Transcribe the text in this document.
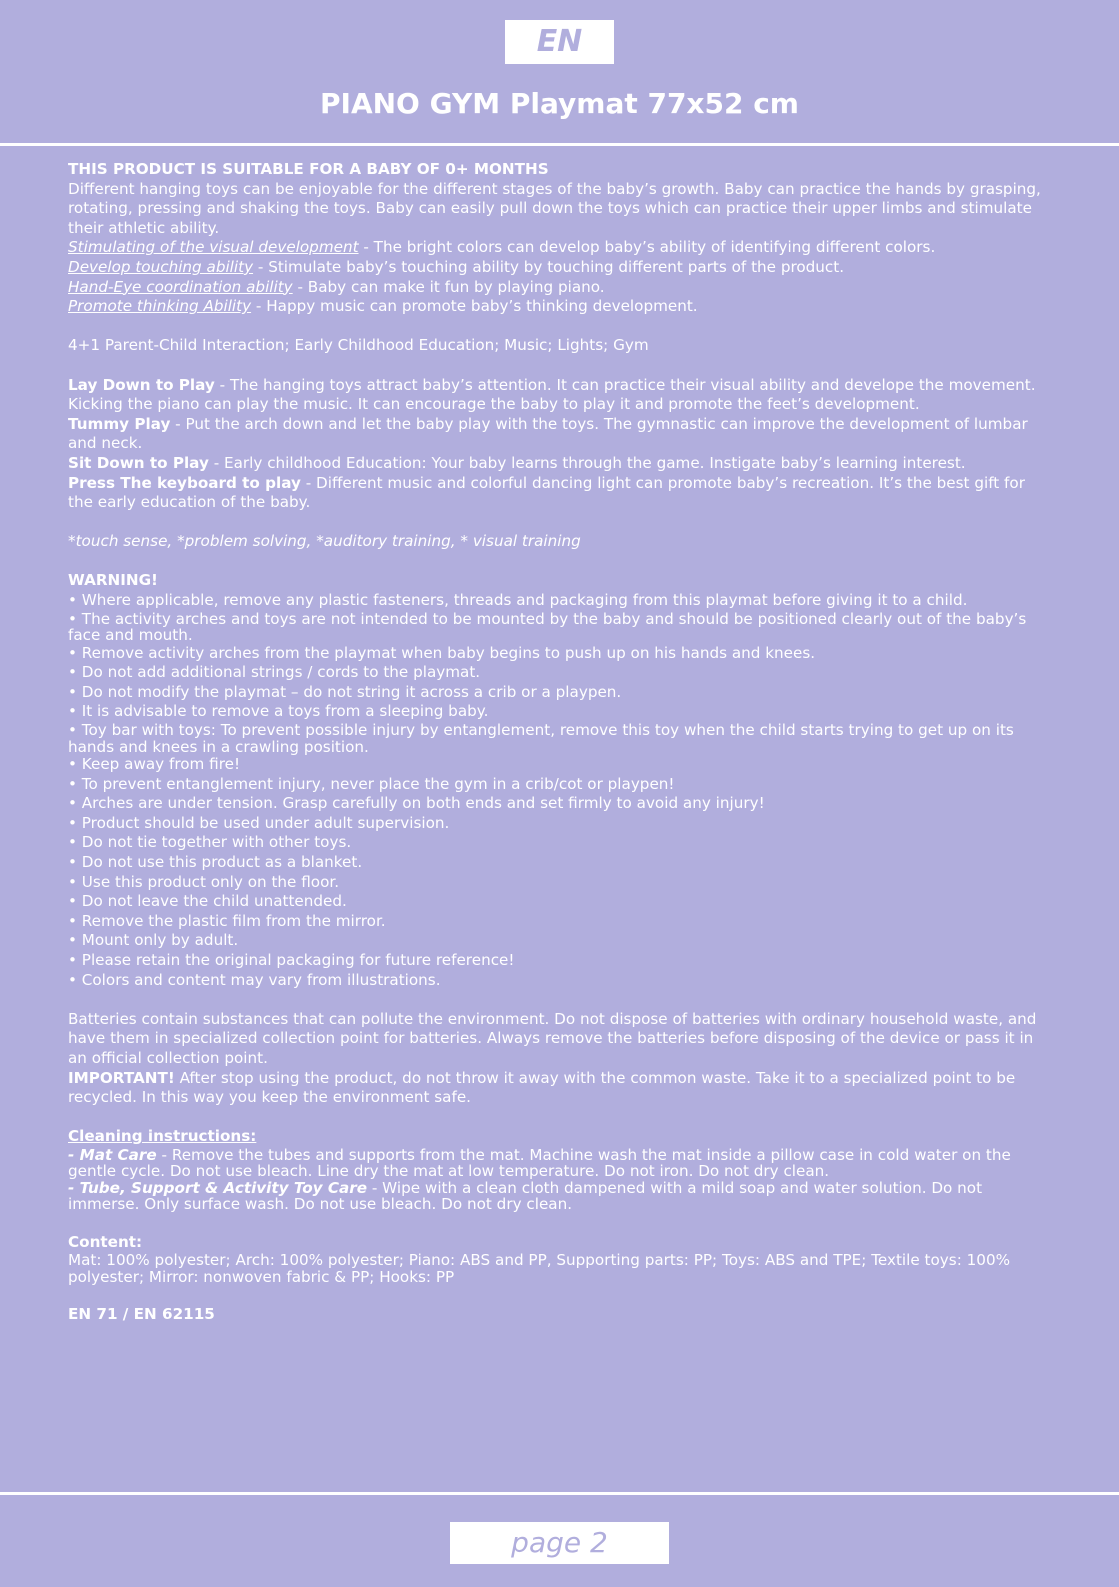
EN
PIANO GYM Playmat 77x52 cm

THIS PRODUCT IS SUITABLE FOR A BABY OF 0+ MONTHS

Different hanging toys can be enjoyable for the different stages of the baby’s growth. Baby can practice the hands by grasping, rotating, pressing and shaking the toys. Baby can easily pull down the toys which can practice their upper limbs and stimulate their athletic ability.

Stimulating of the visual development - The bright colors can develop baby’s ability of identifying different colors.

Develop touching ability - Stimulate baby’s touching ability by touching different parts of the product.

Hand-Eye coordination ability - Baby can make it fun by playing piano.

Promote thinking Ability - Happy music can promote baby’s thinking development.

4+1 Parent-Child Interaction; Early Childhood Education; Music; Lights; Gym

Lay Down to Play - The hanging toys attract baby’s attention. It can practice their visual ability and develope the movement. Kicking the piano can play the music. It can encourage the baby to play it and promote the feet’s development.

Tummy Play - Put the arch down and let the baby play with the toys. The gymnastic can improve the development of lumbar and neck.

Sit Down to Play - Early childhood Education: Your baby learns through the game. Instigate baby’s learning interest.

Press The keyboard to play - Different music and colorful dancing light can promote baby’s recreation. It’s the best gift for the early education of the baby.

*touch sense, *problem solving, *auditory training, * visual training

WARNING!

• Where applicable, remove any plastic fasteners, threads and packaging from this playmat before giving it to a child.

• The activity arches and toys are not intended to be mounted by the baby and should be positioned clearly out of the baby’s face and mouth.

• Remove activity arches from the playmat when baby begins to push up on his hands and knees.

• Do not add additional strings / cords to the playmat.

• Do not modify the playmat – do not string it across a crib or a playpen.

• It is advisable to remove a toys from a sleeping baby.

• Toy bar with toys: To prevent possible injury by entanglement, remove this toy when the child starts trying to get up on its hands and knees in a crawling position.

• Keep away from fire!

• To prevent entanglement injury, never place the gym in a crib/cot or playpen!

• Arches are under tension. Grasp carefully on both ends and set firmly to avoid any injury!

• Product should be used under adult supervision.

• Do not tie together with other toys.

• Do not use this product as a blanket.

• Use this product only on the floor.

• Do not leave the child unattended.

• Remove the plastic film from the mirror.

• Mount only by adult.

• Please retain the original packaging for future reference!

• Colors and content may vary from illustrations.

Batteries contain substances that can pollute the environment. Do not dispose of batteries with ordinary household waste, and have them in specialized collection point for batteries. Always remove the batteries before disposing of the device or pass it in an official collection point.

IMPORTANT! After stop using the product, do not throw it away with the common waste. Take it to a specialized point to be recycled. In this way you keep the environment safe.

Cleaning instructions:

- Mat Care - Remove the tubes and supports from the mat. Machine wash the mat inside a pillow case in cold water on the gentle cycle. Do not use bleach. Line dry the mat at low temperature. Do not iron. Do not dry clean.

- Tube, Support & Activity Toy Care - Wipe with a clean cloth dampened with a mild soap and water solution. Do not immerse. Only surface wash. Do not use bleach. Do not dry clean.

Content:

Mat: 100% polyester; Arch: 100% polyester; Piano: ABS and PP, Supporting parts: PP; Toys: ABS and TPE; Textile toys: 100% polyester; Mirror: nonwoven fabric & PP; Hooks: PP

EN 71 / EN 62115

page 2
